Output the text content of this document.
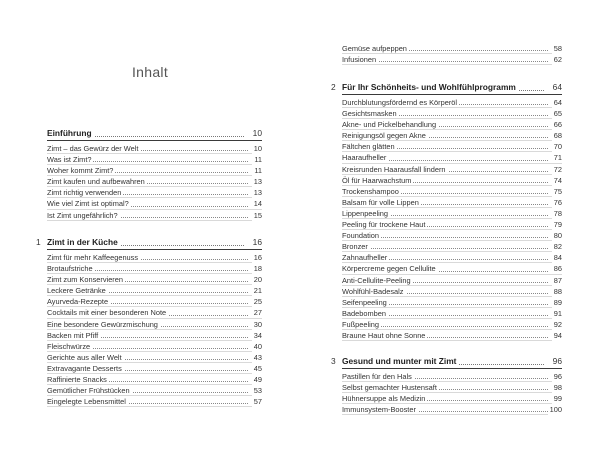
Inhalt
Einführung	10
Zimt – das Gewürz der Welt	10
Was ist Zimt?	11
Woher kommt Zimt?	11
Zimt kaufen und aufbewahren	13
Zimt richtig verwenden	13
Wie viel Zimt ist optimal?	14
Ist Zimt ungefährlich?	15
1 Zimt in der Küche	16
Zimt für mehr Kaffeegenuss	16
Brotaufstriche	18
Zimt zum Konservieren	20
Leckere Getränke	21
Ayurveda-Rezepte	25
Cocktails mit einer besonderen Note	27
Eine besondere Gewürzmischung	30
Backen mit Pfiff	34
Fleischwürze	40
Gerichte aus aller Welt	43
Extravagante Desserts	45
Raffinierte Snacks	49
Gemütlicher Frühstücken	53
Eingelegte Lebensmittel	57
Gemüse aufpeppen	58
Infusionen	62
2 Für Ihr Schönheits- und Wohlfühlprogramm	64
Durchblutungsfördernd es Körperöl	64
Gesichtsmasken	65
Akne- und Pickelbehandlung	66
Reinigungsöl gegen Akne	68
Fältchen glätten	70
Haaraufheller	71
Kreisrunden Haarausfall lindern	72
Öl für Haarwachstum	74
Trockenshampoo	75
Balsam für volle Lippen	76
Lippenpeeling	78
Peeling für trockene Haut	79
Foundation	80
Bronzer	82
Zahnaufheller	84
Körpercreme gegen Cellulite	86
Anti-Cellulite-Peeling	87
Wohlfühl-Badesalz	88
Seifenpeeling	89
Badebomben	91
Fußpeeling	92
Braune Haut ohne Sonne	94
3 Gesund und munter mit Zimt	96
Pastillen für den Hals	96
Selbst gemachter Hustensaft	98
Hühnersuppe als Medizin	99
Immunsystem-Booster	100
